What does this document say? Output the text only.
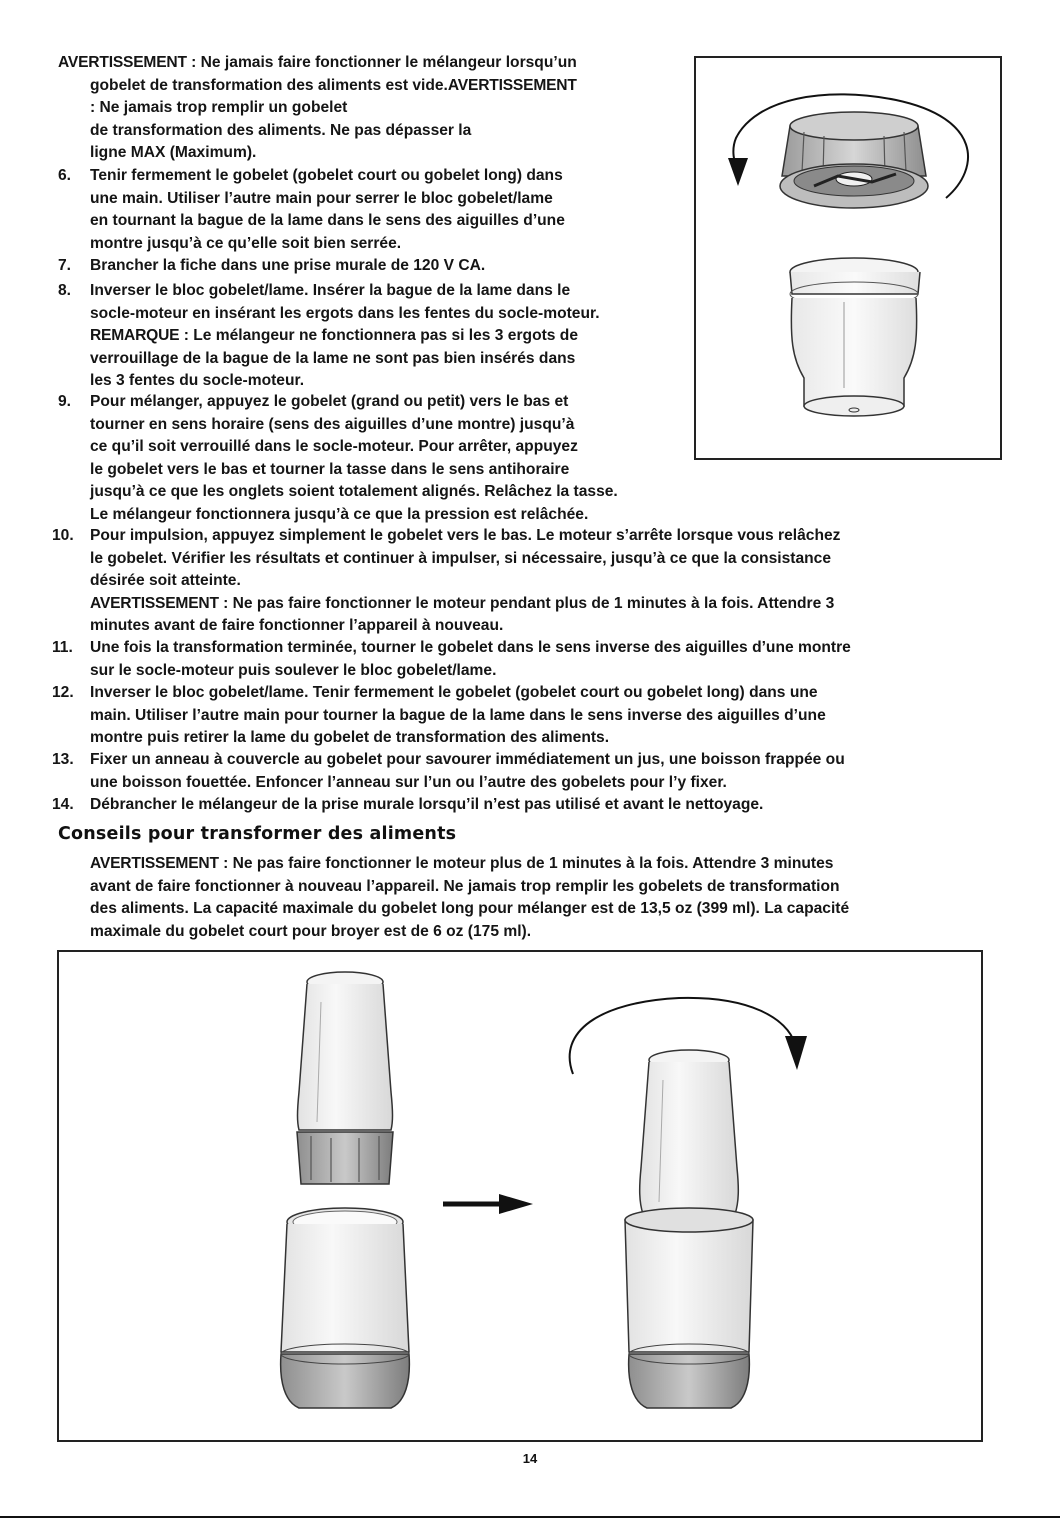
AVERTISSEMENT : Ne jamais faire fonctionner le mélangeur lorsqu’un
gobelet de transformation des aliments est vide.AVERTISSEMENT
: Ne jamais trop remplir un gobelet
de transformation des aliments. Ne pas dépasser la
ligne MAX (Maximum).
6.	Tenir fermement le gobelet (gobelet court ou gobelet long) dans
une main. Utiliser l’autre main pour serrer le bloc gobelet/lame
en tournant la bague de la lame dans le sens des aiguilles d’une
montre jusqu’à ce qu’elle soit bien serrée.
7.	Brancher la fiche dans une prise murale de 120 V CA.
8.	Inverser le bloc gobelet/lame. Insérer la bague de la lame dans le
socle-moteur en insérant les ergots dans les fentes du socle-moteur.
REMARQUE : Le mélangeur ne fonctionnera pas si les 3 ergots de
verrouillage de la bague de la lame ne sont pas bien insérés dans
les 3 fentes du socle-moteur.
9.	Pour mélanger, appuyez le gobelet (grand ou petit) vers le bas et
tourner en sens horaire (sens des aiguilles d’une montre) jusqu’à
ce qu’il soit verrouillé dans le socle-moteur. Pour arrêter, appuyez
le gobelet vers le bas et tourner la tasse dans le sens antihoraire
jusqu’à ce que les onglets soient totalement alignés. Relâchez la tasse.
Le mélangeur fonctionnera jusqu’à ce que la pression est relâchée.
10.	Pour impulsion, appuyez simplement le gobelet vers le bas. Le moteur s’arrête lorsque vous relâchez
le gobelet. Vérifier les résultats et continuer à impulser, si nécessaire, jusqu’à ce que la consistance
désirée soit atteinte.
AVERTISSEMENT : Ne pas faire fonctionner le moteur pendant plus de 1 minutes à la fois. Attendre 3
minutes avant de faire fonctionner l’appareil à nouveau.
11.	Une fois la transformation terminée, tourner le gobelet dans le sens inverse des aiguilles d’une montre
sur le socle-moteur puis soulever le bloc gobelet/lame.
12.	Inverser le bloc gobelet/lame. Tenir fermement le gobelet (gobelet court ou gobelet long) dans une
main. Utiliser l’autre main pour tourner la bague de la lame dans le sens inverse des aiguilles d’une
montre puis retirer la lame du gobelet de transformation des aliments.
13.	Fixer un anneau à couvercle au gobelet pour savourer immédiatement un jus, une boisson frappée ou
une boisson fouettée. Enfoncer l’anneau sur l’un ou l’autre des gobelets pour l’y fixer.
14.	Débrancher le mélangeur de la prise murale lorsqu’il n’est pas utilisé et avant le nettoyage.
Conseils pour transformer des aliments
AVERTISSEMENT : Ne pas faire fonctionner le moteur plus de 1 minutes à la fois. Attendre 3 minutes
avant de faire fonctionner à nouveau l’appareil. Ne jamais trop remplir les gobelets de transformation
des aliments. La capacité maximale du gobelet long pour mélanger est de 13,5 oz (399 ml). La capacité
maximale du gobelet court pour broyer est de 6 oz (175 ml).
14
